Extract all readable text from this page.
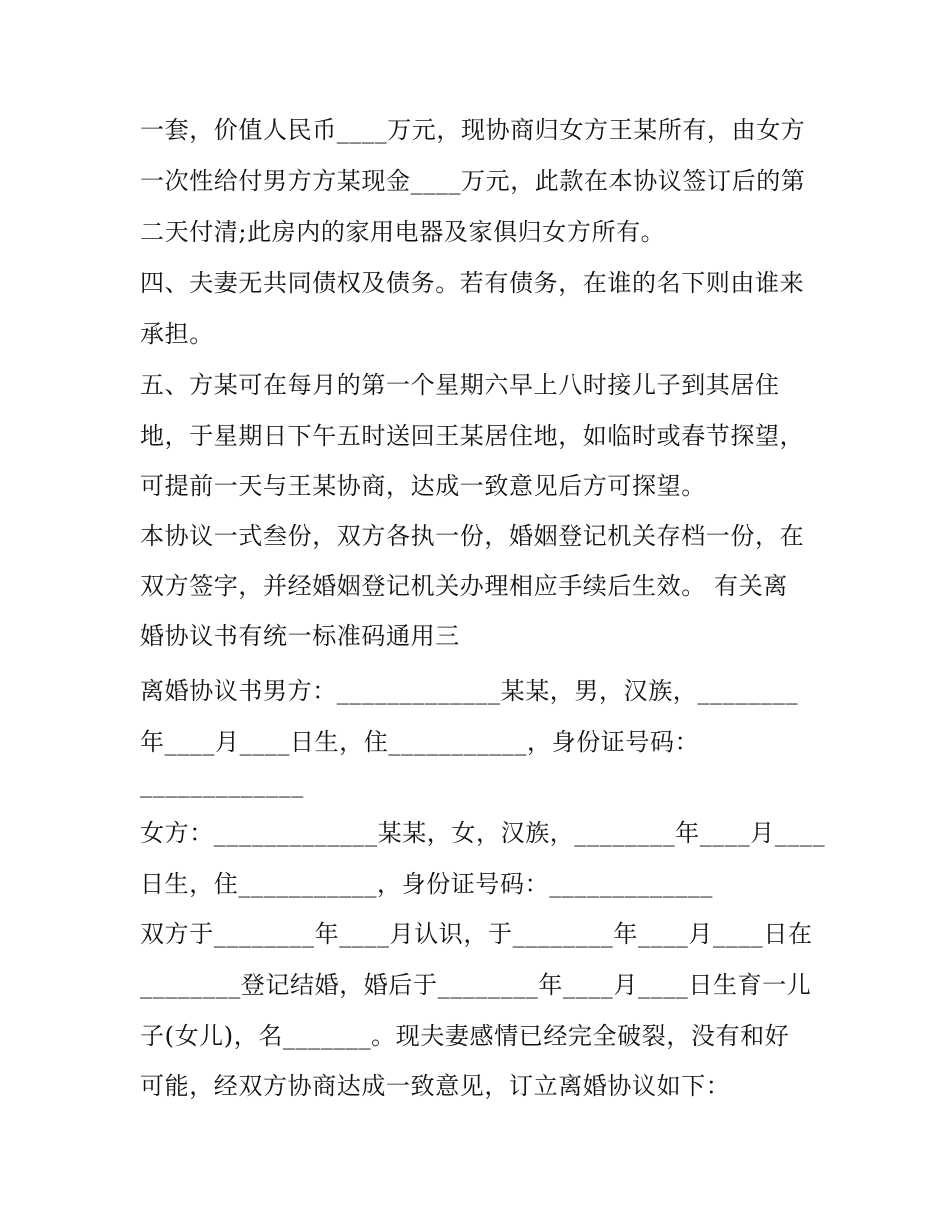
一套，价值人民币____万元，现协商归女方王某所有，由女方
一次性给付男方方某现金____万元，此款在本协议签订后的第
二天付清;此房内的家用电器及家俱归女方所有。
四、夫妻无共同债权及债务。若有债务，在谁的名下则由谁来
承担。
五、方某可在每月的第一个星期六早上八时接儿子到其居住
地，于星期日下午五时送回王某居住地，如临时或春节探望，
可提前一天与王某协商，达成一致意见后方可探望。
本协议一式叁份，双方各执一份，婚姻登记机关存档一份，在
双方签字，并经婚姻登记机关办理相应手续后生效。 有关离
婚协议书有统一标准码通用三
离婚协议书男方：_____________某某，男，汉族，________
年____月____日生，住___________，身份证号码：
_____________
女方：_____________某某，女，汉族，________年____月____
日生，住___________，身份证号码：_____________
双方于________年____月认识，于________年____月____日在
________登记结婚，婚后于________年____月____日生育一儿
子(女儿)，名_______。现夫妻感情已经完全破裂，没有和好
可能，经双方协商达成一致意见，订立离婚协议如下：
